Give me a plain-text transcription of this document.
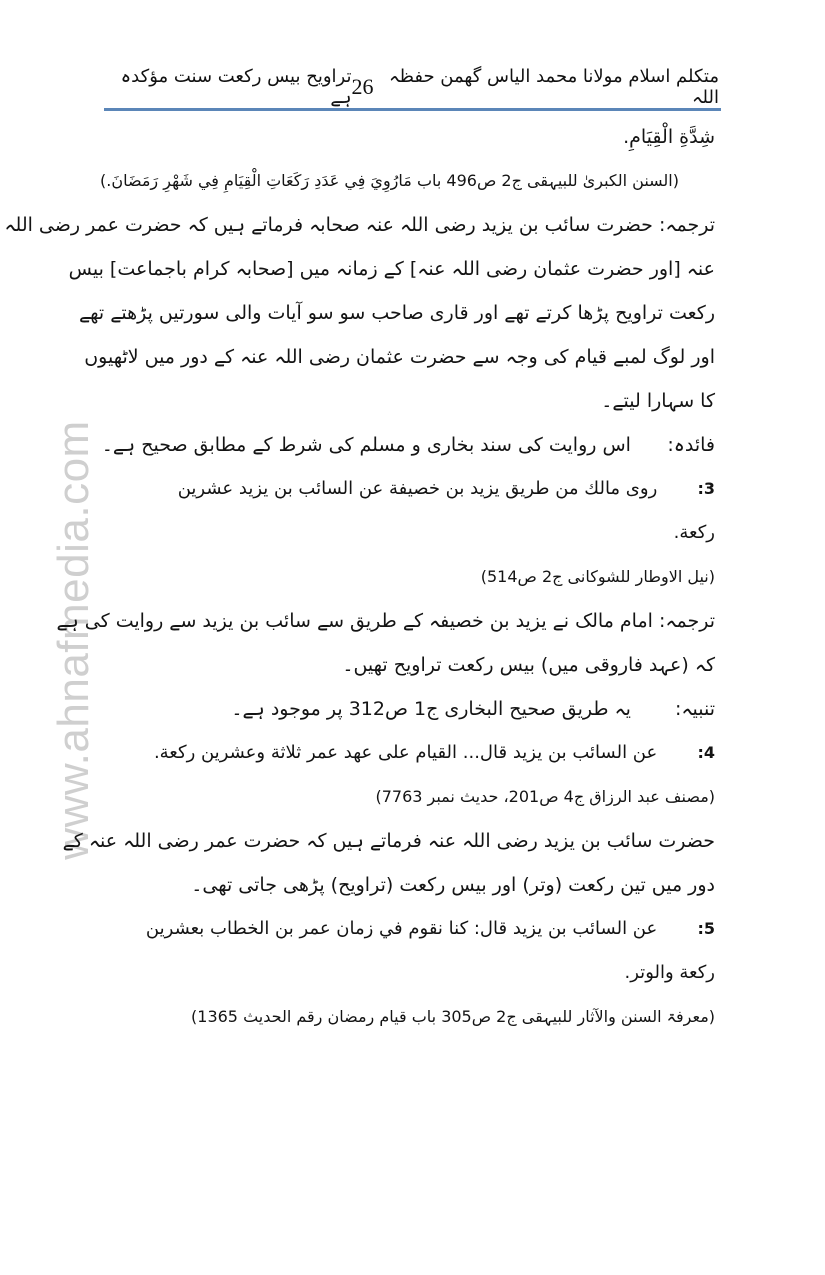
www.ahnafmedia.com
متکلم اسلام مولانا محمد الیاس گھمن حفظہ اللہ
26
تراویح بیس رکعت سنت مؤکدہ ہے
شِدَّةِ الْقِيَامِ.
(السنن الکبریٰ للبیہقی ج2 ص496 باب مَارُوِيَ فِي عَدَدِ رَكَعَاتِ الْقِيَامِ فِي شَهْرِ رَمَضَانَ.)
ترجمہ: حضرت سائب بن یزید رضی اللہ عنہ صحابہ فرماتے ہیں کہ حضرت عمر رضی اللہ
عنہ [اور حضرت عثمان رضی اللہ عنہ] کے زمانہ میں [صحابہ کرام باجماعت] بیس
رکعت تراویح پڑھا کرتے تھے اور قاری صاحب سو سو آیات والی سورتیں پڑھتے تھے
اور لوگ لمبے قیام کی وجہ سے حضرت عثمان رضی اللہ عنہ کے دور میں لاٹھیوں
کا سہارا لیتے۔
فائدہ: اس روایت کی سند بخاری و مسلم کی شرط کے مطابق صحیح ہے۔
3: روى مالك من طريق يزيد بن خصيفة عن السائب بن يزيد عشرين
ركعة.
(نیل الاوطار للشوکانی ج2 ص514)
ترجمہ: امام مالک نے یزید بن خصیفہ کے طریق سے سائب بن یزید سے روایت کی ہے
کہ (عہد فاروقی میں) بیس رکعت تراویح تھیں۔
تنبیہ: یہ طریق صحیح البخاری ج1 ص312 پر موجود ہے۔
4: عن السائب بن يزيد قال... القيام على عهد عمر ثلاثة وعشرين ركعة.
(مصنف عبد الرزاق ج4 ص201، حدیث نمبر 7763)
حضرت سائب بن یزید رضی اللہ عنہ فرماتے ہیں کہ حضرت عمر رضی اللہ عنہ کے
دور میں تین رکعت (وتر) اور بیس رکعت (تراویح) پڑھی جاتی تھی۔
5: عن السائب بن يزيد قال: كنا نقوم في زمان عمر بن الخطاب بعشرين
ركعة والوتر.
(معرفۃ السنن والآثار للبیہقی ج2 ص305 باب قیام رمضان رقم الحدیث 1365)
